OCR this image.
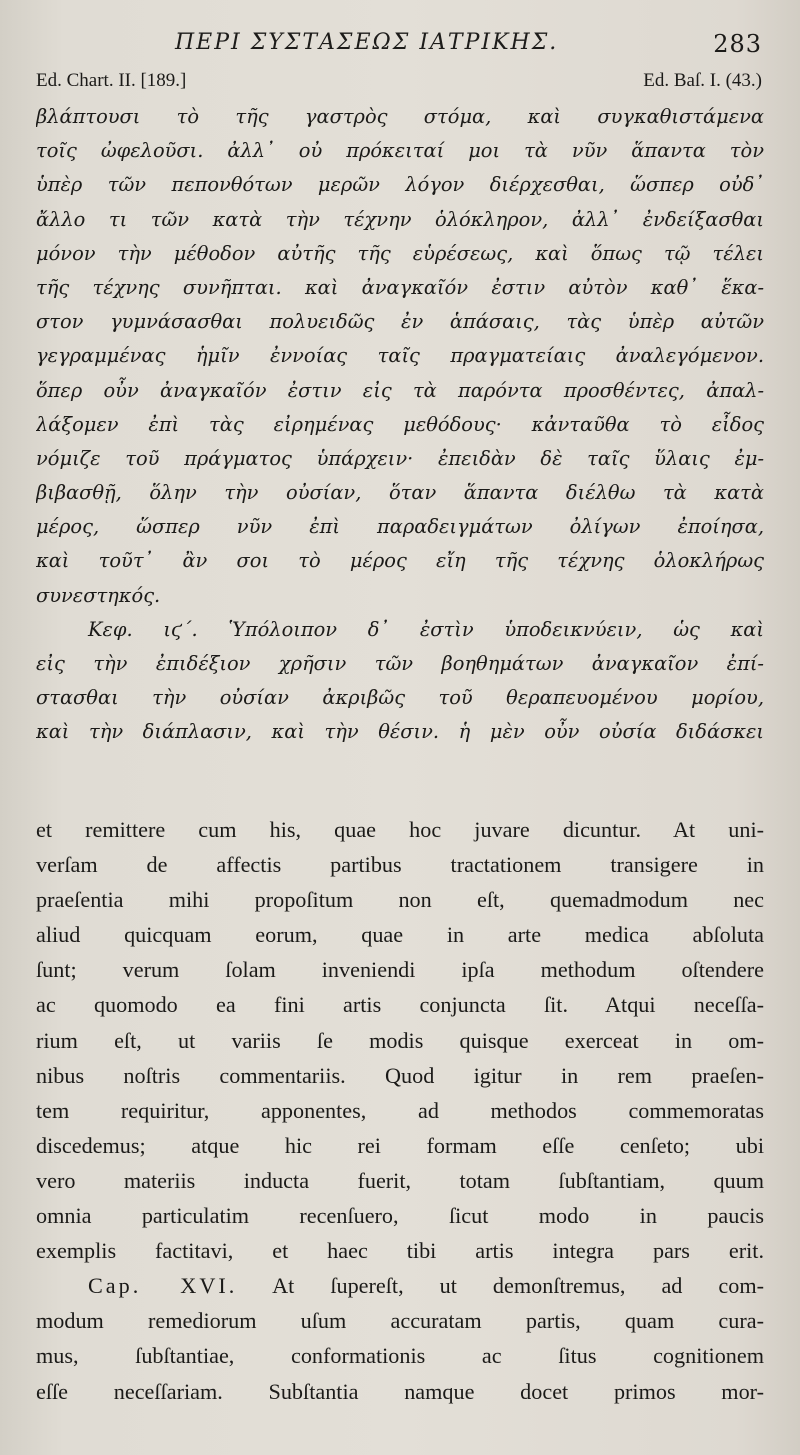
ΠΕΡΙ ΣΥΣΤΑΣΕΩΣ ΙΑΤΡΙΚΗΣ.	283
Ed. Chart. II. [189.]	Ed. Baſ. I. (43.)
βλάπτουσι τὸ τῆς γαστρὸς στόμα, καὶ συγκαθιστάμενα
τοῖς ὠφελοῦσι. ἀλλ᾽ οὐ πρόκειταί μοι τὰ νῦν ἅπαντα τὸν
ὑπὲρ τῶν πεπονθότων μερῶν λόγον διέρχεσθαι, ὥσπερ οὐδ᾽
ἄλλο τι τῶν κατὰ τὴν τέχνην ὁλόκληρον, ἀλλ᾽ ἐνδείξασθαι
μόνον τὴν μέθοδον αὐτῆς τῆς εὑρέσεως, καὶ ὅπως τῷ τέλει
τῆς τέχνης συνῆπται. καὶ ἀναγκαῖόν ἐστιν αὐτὸν καθ᾽ ἕκα-
στον γυμνάσασθαι πολυειδῶς ἐν ἁπάσαις, τὰς ὑπὲρ αὐτῶν
γεγραμμένας ἡμῖν ἐννοίας ταῖς πραγματείαις ἀναλεγόμενον.
ὅπερ οὖν ἀναγκαῖόν ἐστιν εἰς τὰ παρόντα προσθέντες, ἀπαλ-
λάξομεν ἐπὶ τὰς εἰρημένας μεθόδους· κἀνταῦθα τὸ εἶδος
νόμιζε τοῦ πράγματος ὑπάρχειν· ἐπειδὰν δὲ ταῖς ὕλαις ἐμ-
βιβασθῇ, ὅλην τὴν οὐσίαν, ὅταν ἅπαντα διέλθω τὰ κατὰ
μέρος, ὥσπερ νῦν ἐπὶ παραδειγμάτων ὀλίγων ἐποίησα,
καὶ τοῦτ᾽ ἂν σοι τὸ μέρος εἴη τῆς τέχνης ὁλοκλήρως
συνεστηκός.
Κεφ. ιϛ΄. Ὑπόλοιπον δ᾽ ἐστὶν ὑποδεικνύειν, ὡς καὶ
εἰς τὴν ἐπιδέξιον χρῆσιν τῶν βοηθημάτων ἀναγκαῖον ἐπί-
στασθαι τὴν οὐσίαν ἀκριβῶς τοῦ θεραπευομένου μορίου,
καὶ τὴν διάπλασιν, καὶ τὴν θέσιν. ἡ μὲν οὖν οὐσία διδάσκει
et remittere cum his, quae hoc juvare dicuntur. At uni-
verſam de affectis partibus tractationem transigere in
praeſentia mihi propoſitum non eſt, quemadmodum nec
aliud quicquam eorum, quae in arte medica abſoluta
ſunt; verum ſolam inveniendi ipſa methodum oſtendere
ac quomodo ea fini artis conjuncta ſit. Atqui neceſſa-
rium eſt, ut variis ſe modis quisque exerceat in om-
nibus noſtris commentariis. Quod igitur in rem praeſen-
tem requiritur, apponentes, ad methodos commemoratas
discedemus; atque hic rei formam eſſe cenſeto; ubi
vero materiis inducta fuerit, totam ſubſtantiam, quum
omnia particulatim recenſuero, ſicut modo in paucis
exemplis factitavi, et haec tibi artis integra pars erit.
Cap. XVI. At ſupereſt, ut demonſtremus, ad com-
modum remediorum uſum accuratam partis, quam cura-
mus, ſubſtantiae, conformationis ac ſitus cognitionem
eſſe neceſſariam. Subſtantia namque docet primos mor-
